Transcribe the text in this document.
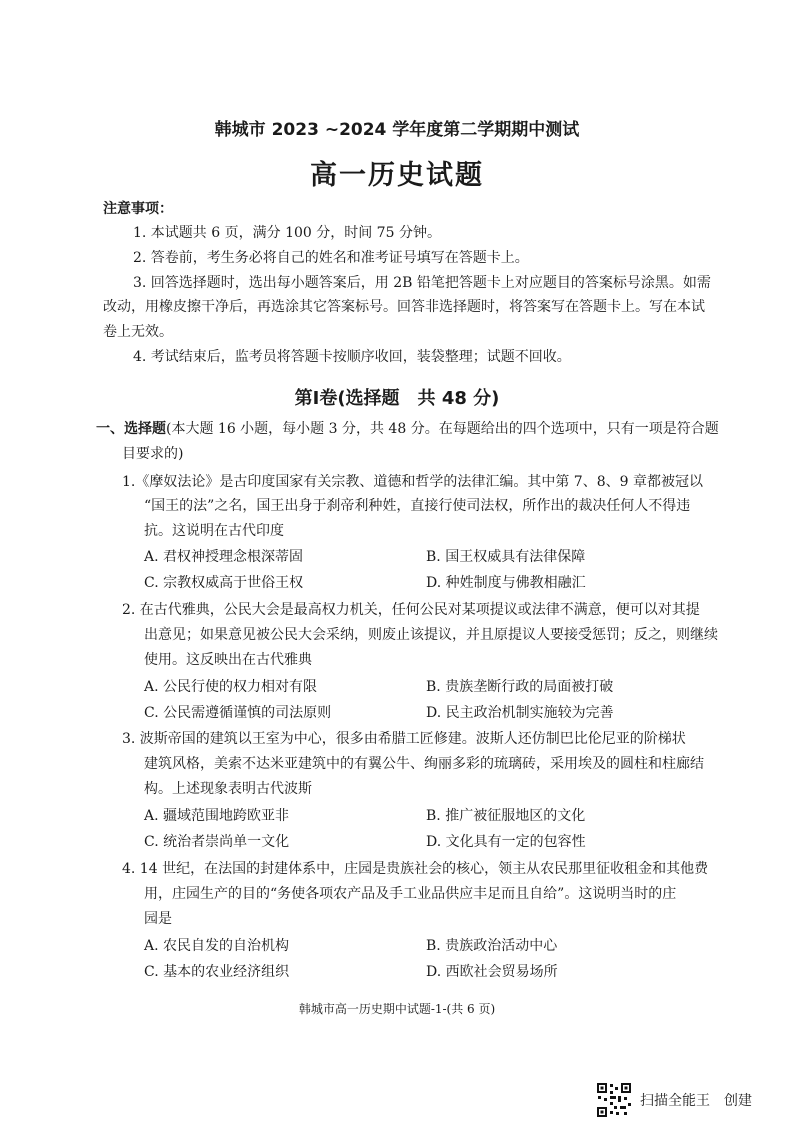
韩城市 2023 ~2024 学年度第二学期期中测试
高一历史试题
注意事项：
1. 本试题共 6 页，满分 100 分，时间 75 分钟。
2. 答卷前，考生务必将自己的姓名和准考证号填写在答题卡上。
3. 回答选择题时，选出每小题答案后，用 2B 铅笔把答题卡上对应题目的答案标号涂黑。如需
改动，用橡皮擦干净后，再选涂其它答案标号。回答非选择题时，将答案写在答题卡上。写在本试
卷上无效。
4. 考试结束后，监考员将答题卡按顺序收回，装袋整理；试题不回收。
第Ⅰ卷(选择题　共 48 分)
一、选择题(本大题 16 小题，每小题 3 分，共 48 分。在每题给出的四个选项中，只有一项是符合题
目要求的)
1.《摩奴法论》是古印度国家有关宗教、道德和哲学的法律汇编。其中第 7、8、9 章都被冠以
“国王的法”之名，国王出身于刹帝利种姓，直接行使司法权，所作出的裁决任何人不得违
抗。这说明在古代印度
A. 君权神授理念根深蒂固	B. 国王权威具有法律保障
C. 宗教权威高于世俗王权	D. 种姓制度与佛教相融汇
2. 在古代雅典，公民大会是最高权力机关，任何公民对某项提议或法律不满意，便可以对其提
出意见；如果意见被公民大会采纳，则废止该提议，并且原提议人要接受惩罚；反之，则继续
使用。这反映出在古代雅典
A. 公民行使的权力相对有限	B. 贵族垄断行政的局面被打破
C. 公民需遵循谨慎的司法原则	D. 民主政治机制实施较为完善
3. 波斯帝国的建筑以王室为中心，很多由希腊工匠修建。波斯人还仿制巴比伦尼亚的阶梯状
建筑风格，美索不达米亚建筑中的有翼公牛、绚丽多彩的琉璃砖，采用埃及的圆柱和柱廊结
构。上述现象表明古代波斯
A. 疆域范围地跨欧亚非	B. 推广被征服地区的文化
C. 统治者崇尚单一文化	D. 文化具有一定的包容性
4. 14 世纪，在法国的封建体系中，庄园是贵族社会的核心，领主从农民那里征收租金和其他费
用，庄园生产的目的“务使各项农产品及手工业品供应丰足而且自给”。这说明当时的庄
园是
A. 农民自发的自治机构	B. 贵族政治活动中心
C. 基本的农业经济组织	D. 西欧社会贸易场所
韩城市高一历史期中试题-1-(共 6 页)
扫描全能王　创建
